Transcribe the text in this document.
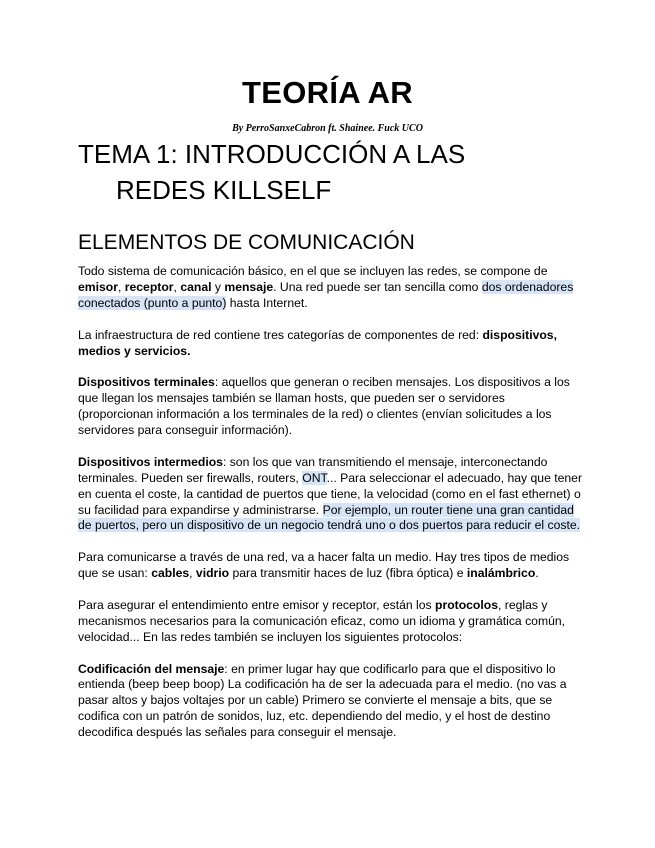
TEORÍA AR
By PerroSanxeCabron ft. Shainee. Fuck UCO
TEMA 1: INTRODUCCIÓN A LAS
REDES KILLSELF
ELEMENTOS DE COMUNICACIÓN

Todo sistema de comunicación básico, en el que se incluyen las redes, se compone de emisor, receptor, canal y mensaje. Una red puede ser tan sencilla como dos ordenadores conectados (punto a punto) hasta Internet.

La infraestructura de red contiene tres categorías de componentes de red: dispositivos, medios y servicios.

Dispositivos terminales: aquellos que generan o reciben mensajes. Los dispositivos a los que llegan los mensajes también se llaman hosts, que pueden ser o servidores (proporcionan información a los terminales de la red) o clientes (envían solicitudes a los servidores para conseguir información).

Dispositivos intermedios: son los que van transmitiendo el mensaje, interconectando terminales. Pueden ser firewalls, routers, ONT... Para seleccionar el adecuado, hay que tener en cuenta el coste, la cantidad de puertos que tiene, la velocidad (como en el fast ethernet) o su facilidad para expandirse y administrarse. Por ejemplo, un router tiene una gran cantidad de puertos, pero un dispositivo de un negocio tendrá uno o dos puertos para reducir el coste.

Para comunicarse a través de una red, va a hacer falta un medio. Hay tres tipos de medios que se usan: cables, vidrio para transmitir haces de luz (fibra óptica) e inalámbrico.

Para asegurar el entendimiento entre emisor y receptor, están los protocolos, reglas y mecanismos necesarios para la comunicación eficaz, como un idioma y gramática común, velocidad... En las redes también se incluyen los siguientes protocolos:

Codificación del mensaje: en primer lugar hay que codificarlo para que el dispositivo lo entienda (beep beep boop) La codificación ha de ser la adecuada para el medio. (no vas a pasar altos y bajos voltajes por un cable) Primero se convierte el mensaje a bits, que se codifica con un patrón de sonidos, luz, etc. dependiendo del medio, y el host de destino decodifica después las señales para conseguir el mensaje.
